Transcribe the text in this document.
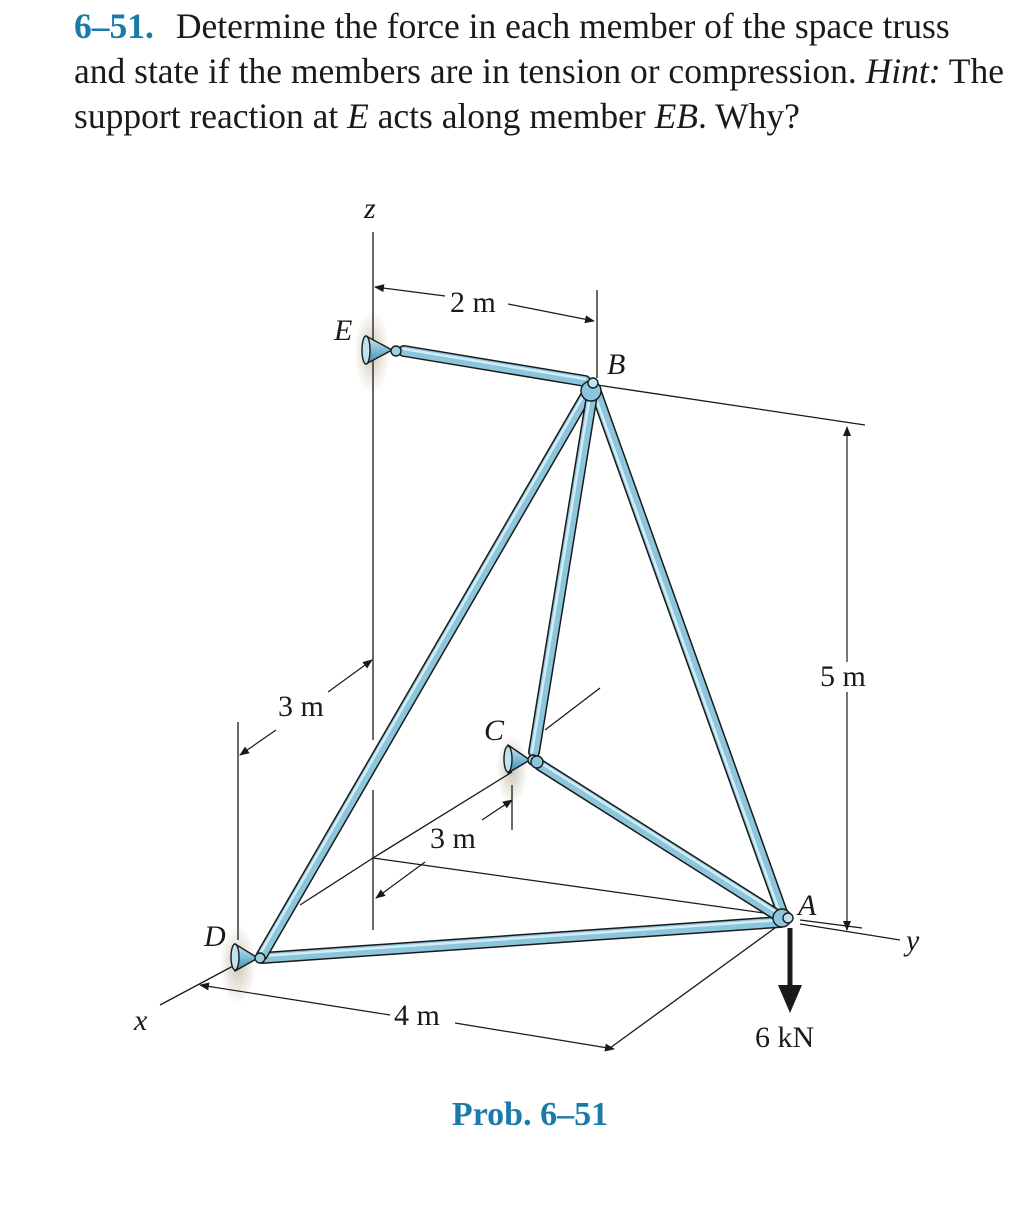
6–51. Determine the force in each member of the space truss and state if the members are in tension or compression. Hint: The support reaction at E acts along member EB. Why?
z
x
y
E
B
C
D
A
2 m
5 m
3 m
3 m
4 m
6 kN
Prob. 6–51
